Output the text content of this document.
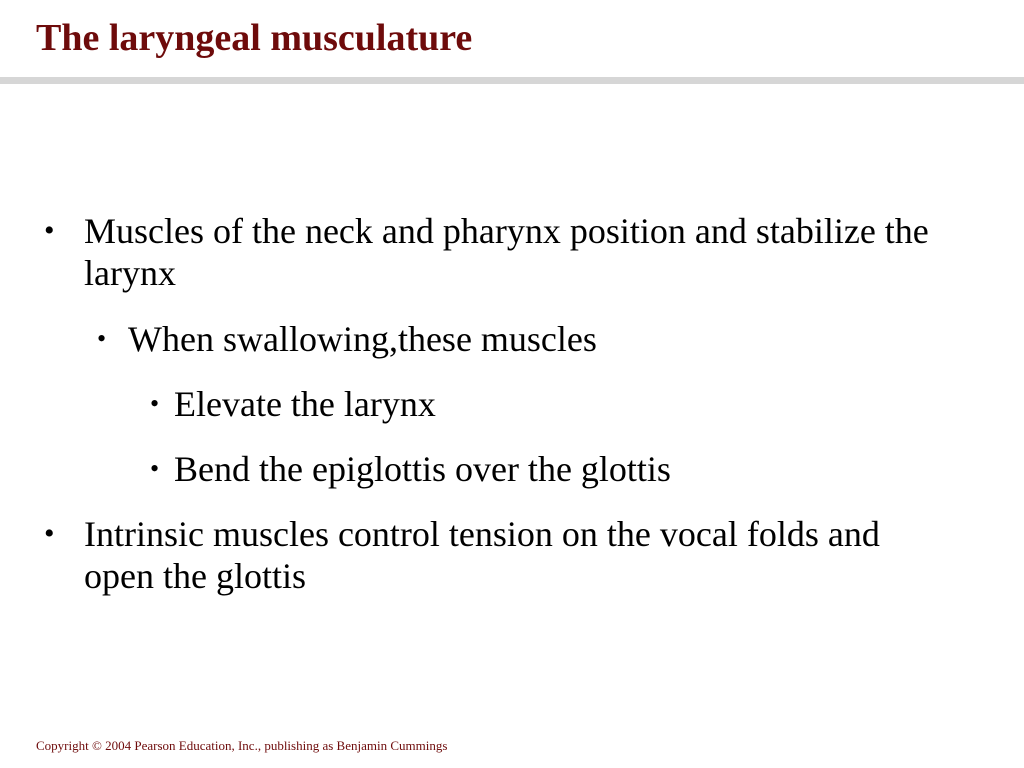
The laryngeal musculature
• Muscles of the neck and pharynx position and stabilize the larynx
• When swallowing,these muscles
• Elevate the larynx
• Bend the epiglottis over the glottis
• Intrinsic muscles control tension on the vocal folds and open the glottis
Copyright © 2004 Pearson Education, Inc., publishing as Benjamin Cummings
